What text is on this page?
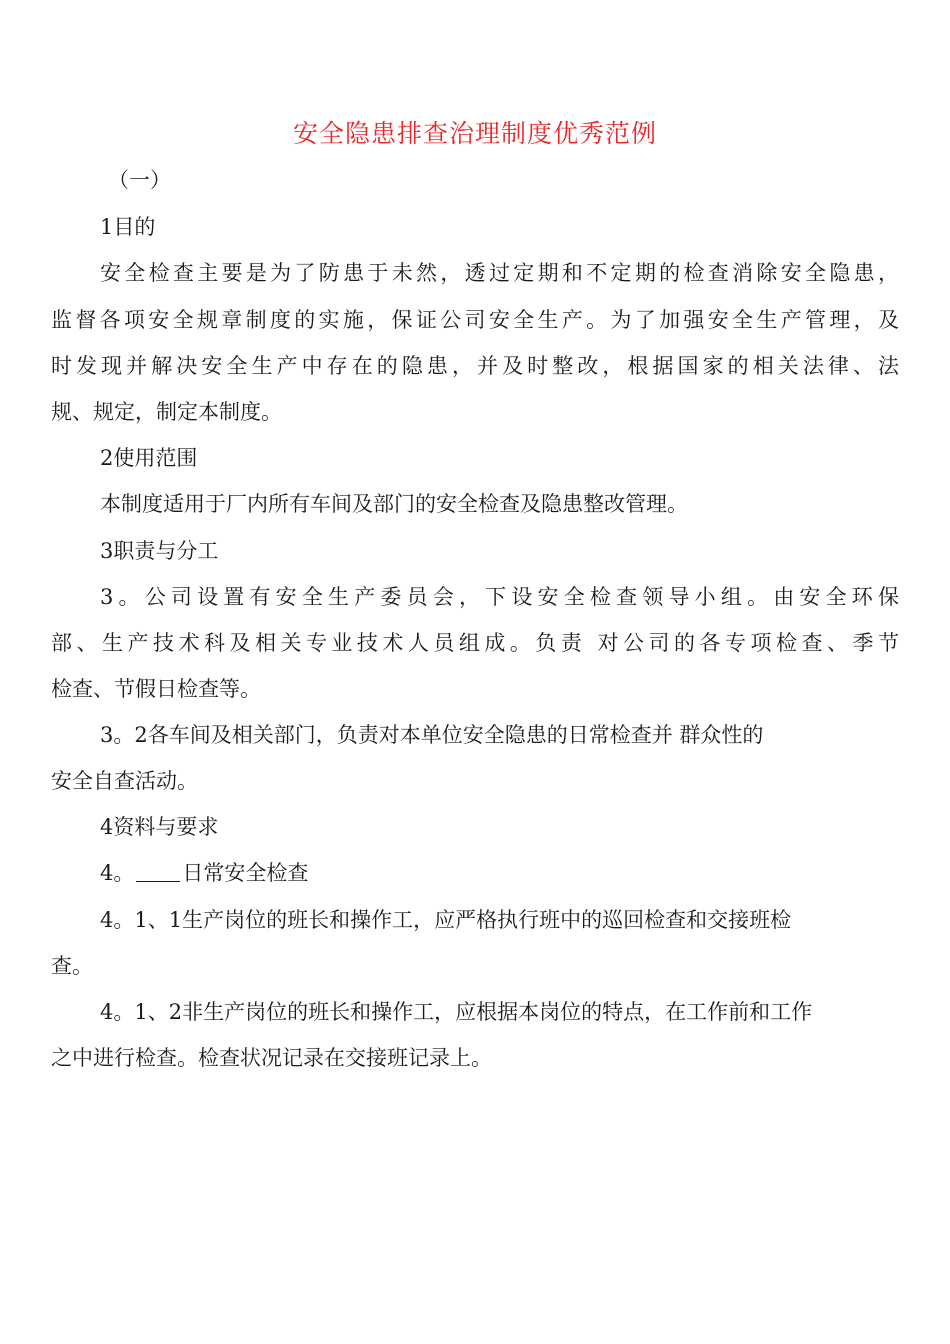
安全隐患排查治理制度优秀范例
（一）
1目的
安全检查主要是为了防患于未然，透过定期和不定期的检查消除安全隐患，
监督各项安全规章制度的实施，保证公司安全生产。为了加强安全生产管理，及
时发现并解决安全生产中存在的隐患，并及时整改，根据国家的相关法律、法
规、规定，制定本制度。
2使用范围
本制度适用于厂内所有车间及部门的安全检查及隐患整改管理。
3职责与分工
3。公司设置有安全生产委员会，下设安全检查领导小组。由安全环保
部、生产技术科及相关专业技术人员组成。负责 对公司的各专项检查、季节
检查、节假日检查等。
3。2各车间及相关部门，负责对本单位安全隐患的日常检查并 群众性的
安全自查活动。
4资料与要求
4。 日常安全检查
4。1、1生产岗位的班长和操作工，应严格执行班中的巡回检查和交接班检
查。
4。1、2非生产岗位的班长和操作工，应根据本岗位的特点，在工作前和工作
之中进行检查。检查状况记录在交接班记录上。
